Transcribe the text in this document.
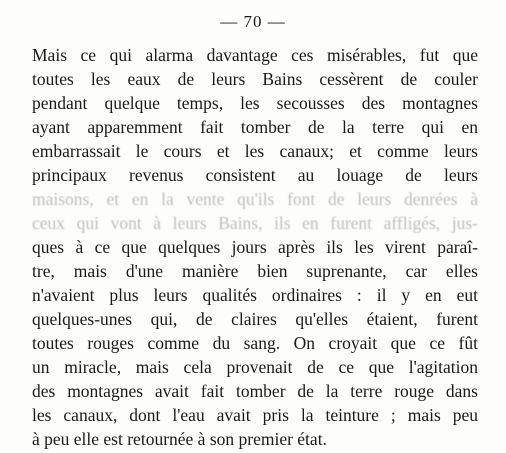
— 70 —
Mais ce qui alarma davantage ces misérables, fut que
toutes les eaux de leurs Bains cessèrent de couler
pendant quelque temps, les secousses des montagnes
ayant apparemment fait tomber de la terre qui en
embarrassait le cours et les canaux; et comme leurs
principaux revenus consistent au louage de leurs
maisons, et en la vente qu'ils font de leurs denrées à
ceux qui vont à leurs Bains, ils en furent affligés, jus-
ques à ce que quelques jours après ils les virent paraî-
tre, mais d'une manière bien suprenante, car elles
n'avaient plus leurs qualités ordinaires : il y en eut
quelques-unes qui, de claires qu'elles étaient, furent
toutes rouges comme du sang. On croyait que ce fût
un miracle, mais cela provenait de ce que l'agitation
des montagnes avait fait tomber de la terre rouge dans
les canaux, dont l'eau avait pris la teinture ; mais peu
à peu elle est retournée à son premier état.
